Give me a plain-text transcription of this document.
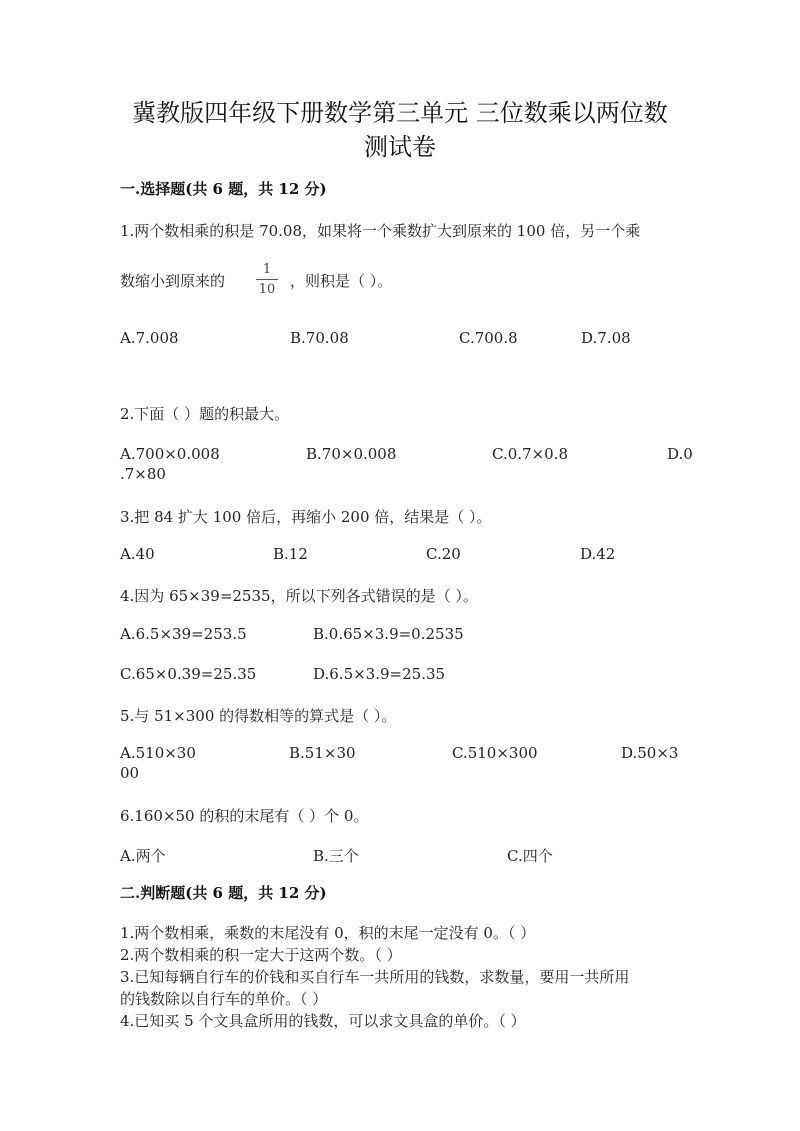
冀教版四年级下册数学第三单元 三位数乘以两位数
测试卷
一.选择题(共 6 题，共 12 分)
1.两个数相乘的积是 70.08，如果将一个乘数扩大到原来的 100 倍，另一个乘
数缩小到原来的
1
10 ，则积是（ ）。
A.7.008	B.70.08	C.700.8	D.7.08
2.下面（ ）题的积最大。
A.700×0.008	B.70×0.008	C.0.7×0.8	D.0
.7×80
3.把 84 扩大 100 倍后，再缩小 200 倍，结果是（ ）。
A.40	B.12	C.20	D.42
4.因为 65×39=2535，所以下列各式错误的是（ ）。
A.6.5×39=253.5	B.0.65×3.9=0.2535
C.65×0.39=25.35	D.6.5×3.9=25.35
5.与 51×300 的得数相等的算式是（ ）。
A.510×30	B.51×30	C.510×300	D.50×3
00
6.160×50 的积的末尾有（ ）个 0。
A.两个	B.三个	C.四个
二.判断题(共 6 题，共 12 分)
1.两个数相乘，乘数的末尾没有 0，积的末尾一定没有 0。（ ）
2.两个数相乘的积一定大于这两个数。（ ）
3.已知每辆自行车的价钱和买自行车一共所用的钱数，求数量，要用一共所用
的钱数除以自行车的单价。（ ）
4.已知买 5 个文具盒所用的钱数，可以求文具盒的单价。（ ）
